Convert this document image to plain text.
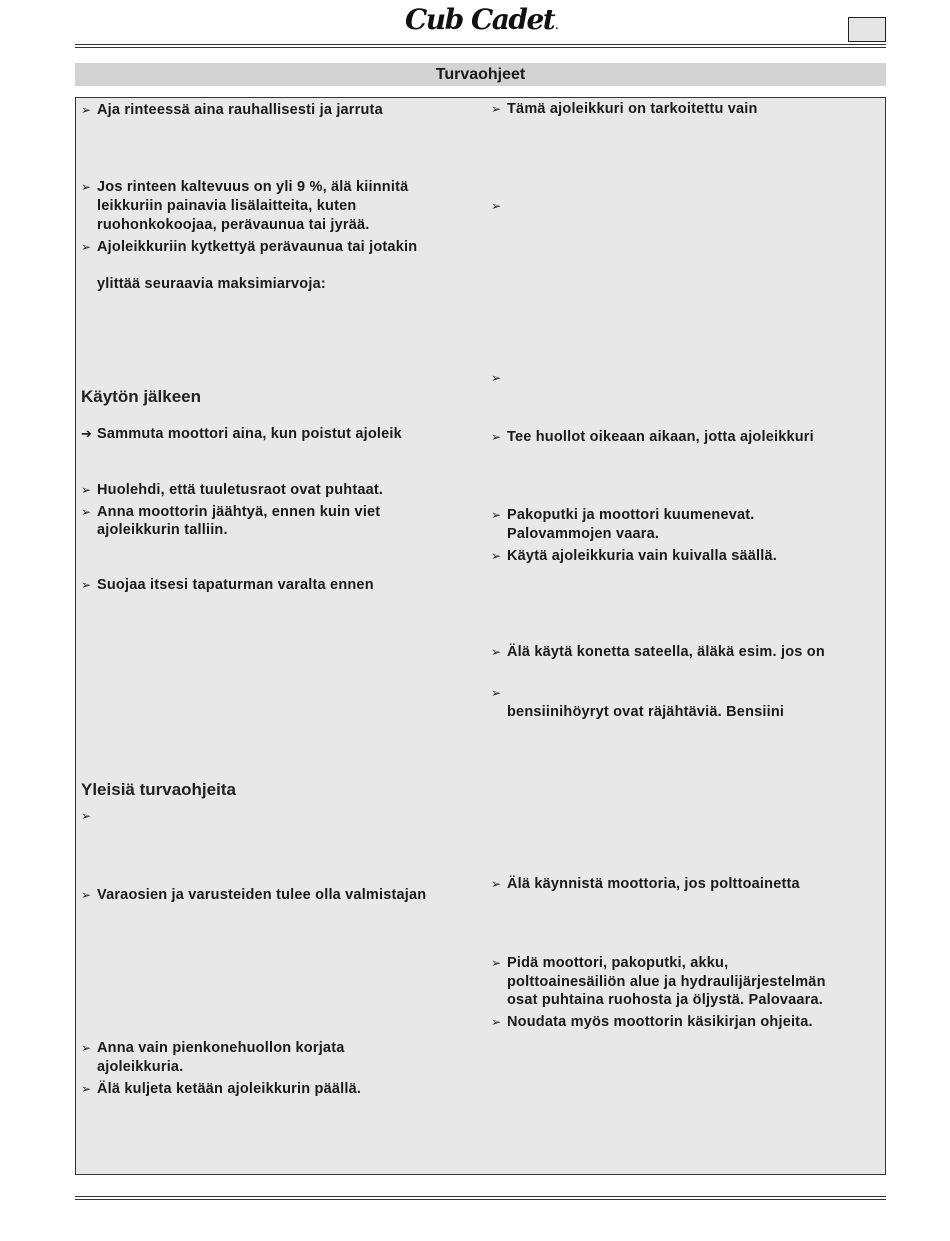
Cub Cadet.
Turvaohjeet
➢ Aja rinteessä aina rauhallisesti ja jarruta
➢ Jos rinteen kaltevuus on yli 9 %, älä kiinnitä
leikkuriin painavia lisälaitteita, kuten
ruohonkokoojaa, perävaunua tai jyrää.
➢ Ajoleikkuriin kytkettyä perävaunua tai jotakin
ylittää seuraavia maksimiarvoja:
Käytön jälkeen
➔ Sammuta moottori aina, kun poistut ajoleik
➢ Huolehdi, että tuuletusraot ovat puhtaat.
➢ Anna moottorin jäähtyä, ennen kuin viet
ajoleikkurin talliin.
➢ Suojaa itsesi tapaturman varalta ennen
Yleisiä turvaohjeita
➢
➢ Varaosien ja varusteiden tulee olla valmistajan
➢ Anna vain pienkonehuollon korjata
ajoleikkuria.
➢ Älä kuljeta ketään ajoleikkurin päällä.
➢ Tämä ajoleikkuri on tarkoitettu vain
➢
➢
➢ Tee huollot oikeaan aikaan, jotta ajoleikkuri
➢ Pakoputki ja moottori kuumenevat.
Palovammojen vaara.
➢ Käytä ajoleikkuria vain kuivalla säällä.
➢ Älä käytä konetta sateella, äläkä esim. jos on
➢
bensiinihöyryt ovat räjähtäviä. Bensiini
➢ Älä käynnistä moottoria, jos polttoainetta
➢ Pidä moottori, pakoputki, akku,
polttoainesäiliön alue ja hydraulijärjestelmän
osat puhtaina ruohosta ja öljystä. Palovaara.
➢ Noudata myös moottorin käsikirjan ohjeita.
